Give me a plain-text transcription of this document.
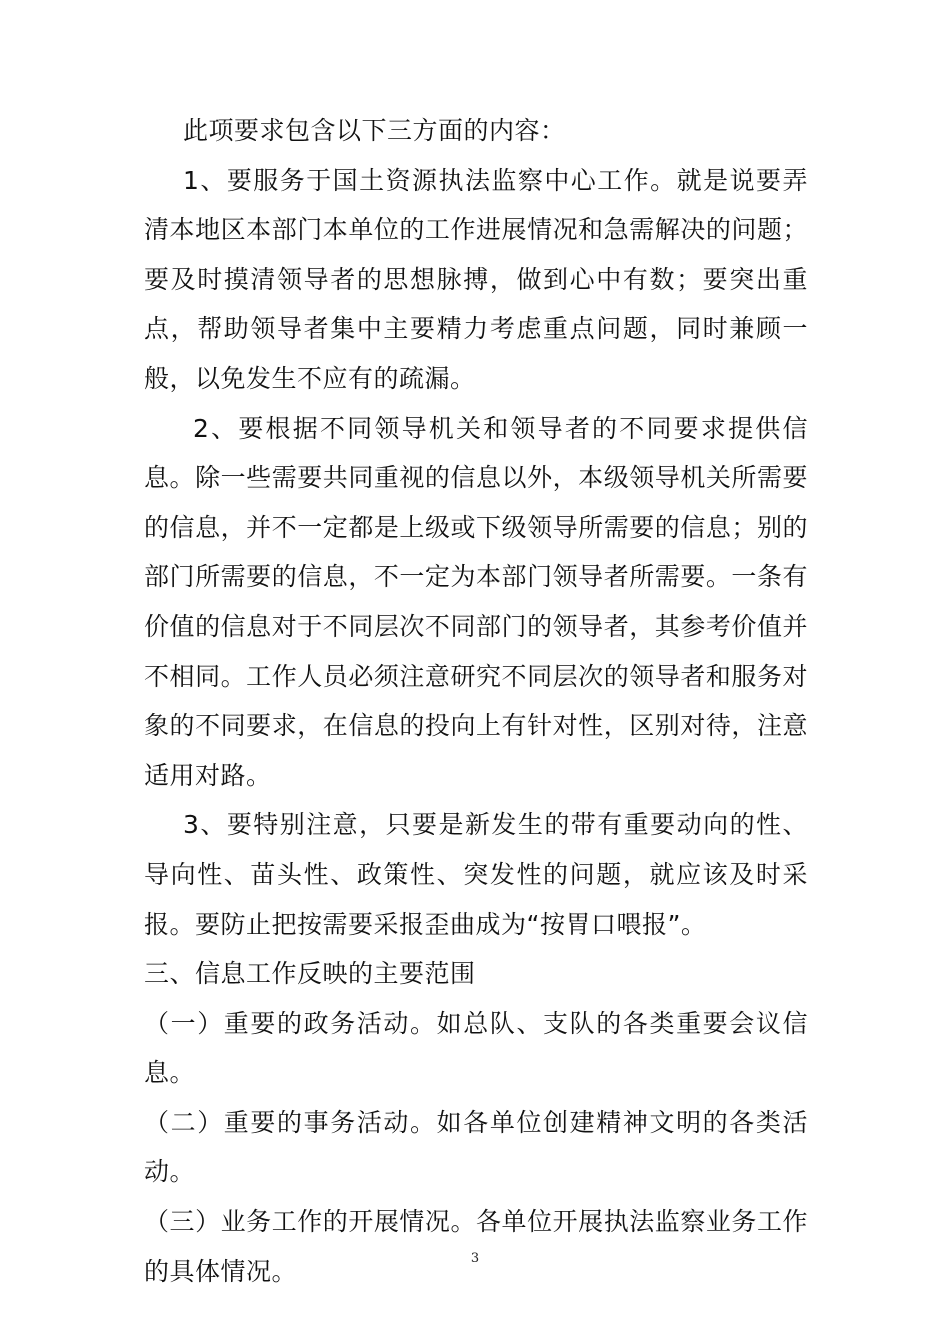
此项要求包含以下三方面的内容：

1、要服务于国土资源执法监察中心工作。就是说要弄清本地区本部门本单位的工作进展情况和急需解决的问题；要及时摸清领导者的思想脉搏，做到心中有数；要突出重点，帮助领导者集中主要精力考虑重点问题，同时兼顾一般，以免发生不应有的疏漏。

2、要根据不同领导机关和领导者的不同要求提供信息。除一些需要共同重视的信息以外，本级领导机关所需要的信息，并不一定都是上级或下级领导所需要的信息；别的部门所需要的信息，不一定为本部门领导者所需要。一条有价值的信息对于不同层次不同部门的领导者，其参考价值并不相同。工作人员必须注意研究不同层次的领导者和服务对象的不同要求，在信息的投向上有针对性，区别对待，注意适用对路。

3、要特别注意，只要是新发生的带有重要动向的性、导向性、苗头性、政策性、突发性的问题，就应该及时采报。要防止把按需要采报歪曲成为“按胃口喂报”。

三、信息工作反映的主要范围

（一）重要的政务活动。如总队、支队的各类重要会议信息。

（二）重要的事务活动。如各单位创建精神文明的各类活动。

（三）业务工作的开展情况。各单位开展执法监察业务工作的具体情况。	3
